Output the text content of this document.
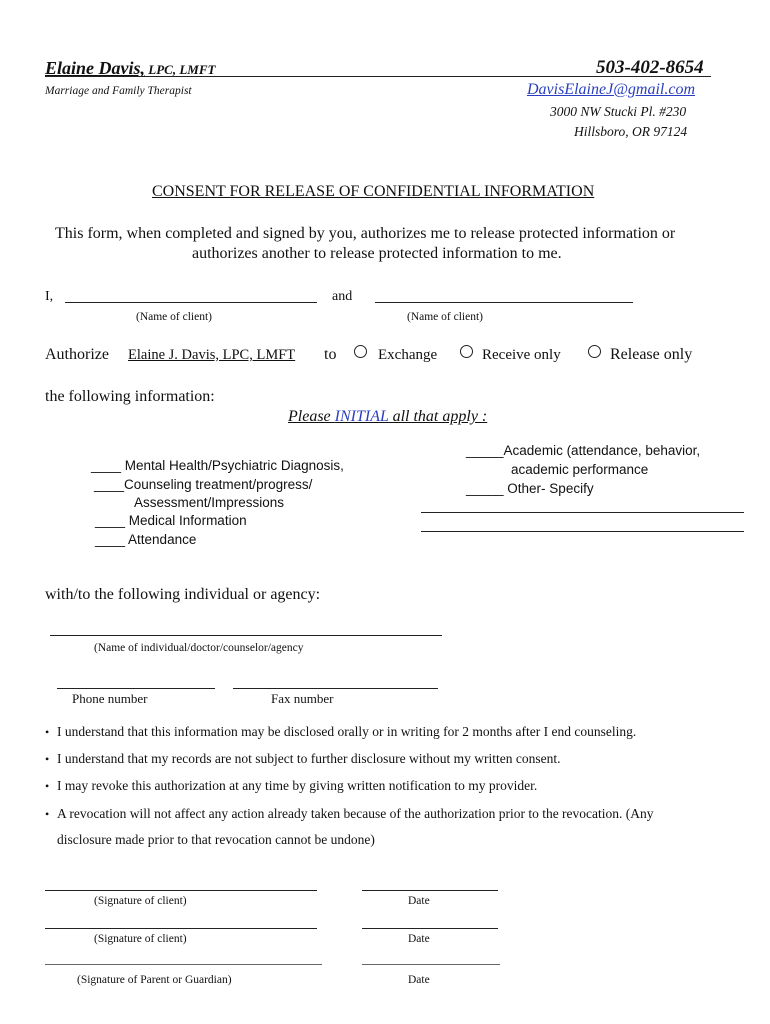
Elaine Davis, LPC, LMFT	503-402-8654
Marriage and Family Therapist	DavisElaineJ@gmail.com
3000 NW Stucki Pl. #230
Hillsboro, OR 97124
CONSENT FOR RELEASE OF CONFIDENTIAL INFORMATION
This form, when completed and signed by you, authorizes me to release protected information or
authorizes another to release protected information to me.
I,	and
(Name of client)	(Name of client)
Authorize Elaine J. Davis, LPC, LMFT to	Exchange	Receive only	Release only
the following information:
Please INITIAL all that apply :
____ Mental Health/Psychiatric Diagnosis,
____Counseling treatment/progress/
Assessment/Impressions
____ Medical Information
____ Attendance
_____Academic (attendance, behavior,
academic performance
_____ Other- Specify
with/to the following individual or agency:
(Name of individual/doctor/counselor/agency
Phone number	Fax number
• I understand that this information may be disclosed orally or in writing for 2 months after I end counseling.
• I understand that my records are not subject to further disclosure without my written consent.
• I may revoke this authorization at any time by giving written notification to my provider.
• A revocation will not affect any action already taken because of the authorization prior to the revocation. (Any
disclosure made prior to that revocation cannot be undone)
(Signature of client)	Date
(Signature of client)	Date
(Signature of Parent or Guardian)	Date
